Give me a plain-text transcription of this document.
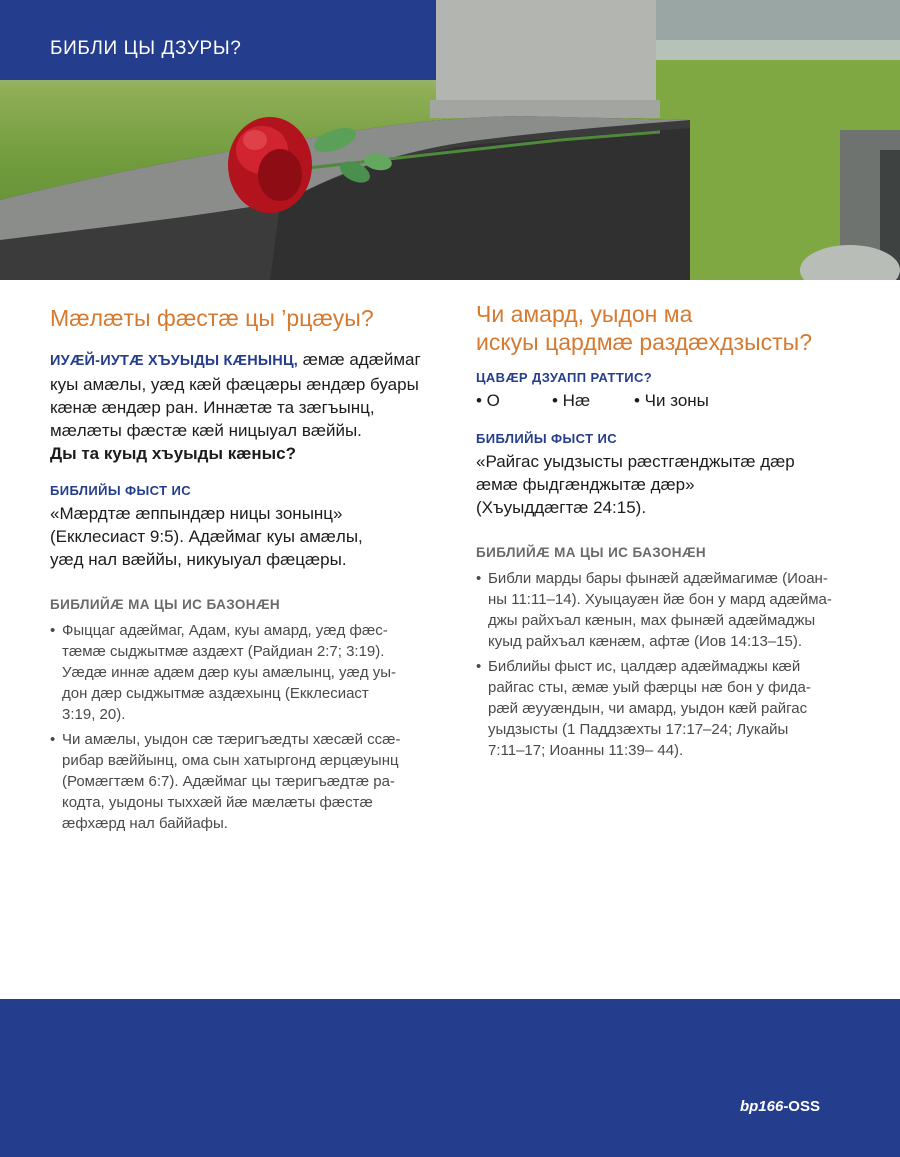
БИБЛИ ЦЫ ДЗУРЫ?
Мæлæты фæстæ цы ’рцæуы?

ИУÆЙ-ИУТÆ ХЪУЫДЫ КÆНЫНЦ, æмæ адæймаг куы амæлы, уæд кæй фæцæры æндæр буары кæнæ æндæр ран. Иннæтæ та зæгъынц, мæлæты фæстæ кæй ницыуал вæййы.
Ды та куыд хъуыды кæныс?

БИБЛИЙЫ ФЫСТ ИС

«Мæрдтæ æппындæр ницы зонынц»
(Екклесиаст 9:5). Адæймаг куы амæлы,
уæд нал вæййы, никуыуал фæцæры.

БИБЛИЙÆ МА ЦЫ ИС БАЗОНÆН
• Фыццаг адæймаг, Адам, куы амард, уæд фæс-
тæмæ сыджытмæ аздæхт (Райдиан 2:7; 3:19).
Уæдæ иннæ адæм дæр куы амæлынц, уæд уы-
дон дæр сыджытмæ аздæхынц (Екклесиаст
3:19, 20).
• Чи амæлы, уыдон сæ тæригъæдты хæсæй ссæ-
рибар вæййынц, ома сын хатыргонд æрцæуынц
(Ромæгтæм 6:7). Адæймаг цы тæригъæдтæ ра-
кодта, уыдоны тыххæй йæ мæлæты фæстæ
æфхæрд нал баййафы.
Чи амард, уыдон ма
искуы цардмæ раздæхдзысты?
ЦАВÆР ДЗУАПП РАТТИС?
• О	• Нæ	• Чи зоны
БИБЛИЙЫ ФЫСТ ИС

«Райгас уыдзысты рæстгæнджытæ дæр
æмæ фыдгæнджытæ дæр»
(Хъуыддæгтæ 24:15).

БИБЛИЙÆ МА ЦЫ ИС БАЗОНÆН
• Библи марды бары фынæй адæймагимæ (Иоан-
ны 11:11–14). Хуыцауæн йæ бон у мард адæйма-
джы райхъал кæнын, мах фынæй адæймаджы
куыд райхъал кæнæм, афтæ (Иов 14:13–15).
• Библийы фыст ис, цалдæр адæймаджы кæй
райгас сты, æмæ уый фæрцы нæ бон у фида-
рæй æууæндын, чи амард, уыдон кæй райгас
уыдзысты (1 Паддзæхты 17:17–24; Лукайы
7:11–17; Иоанны 11:39– 44).
bp166-OSS
